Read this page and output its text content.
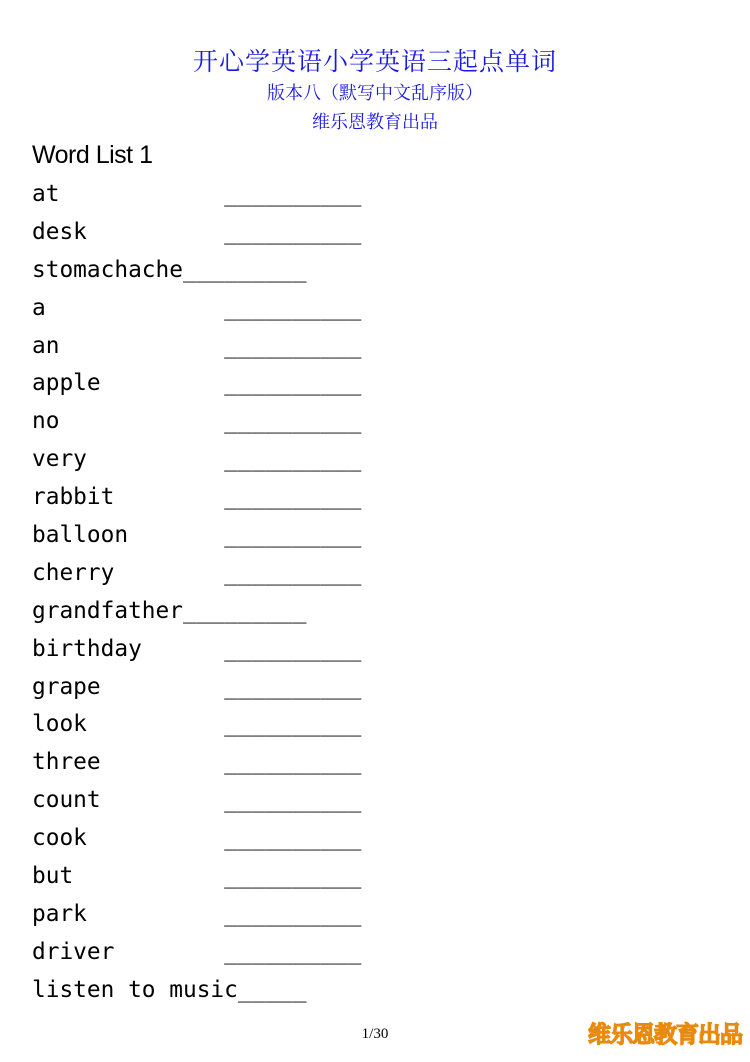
开心学英语小学英语三起点单词
版本八（默写中文乱序版）
维乐恩教育出品
Word List 1
at            __________
desk          __________
stomachache_________
a             __________
an            __________
apple         __________
no            __________
very          __________
rabbit        __________
balloon       __________
cherry        __________
grandfather_________
birthday      __________
grape         __________
look          __________
three         __________
count         __________
cook          __________
but           __________
park          __________
driver        __________
listen to music_____
1/30	维乐恩教育出品
